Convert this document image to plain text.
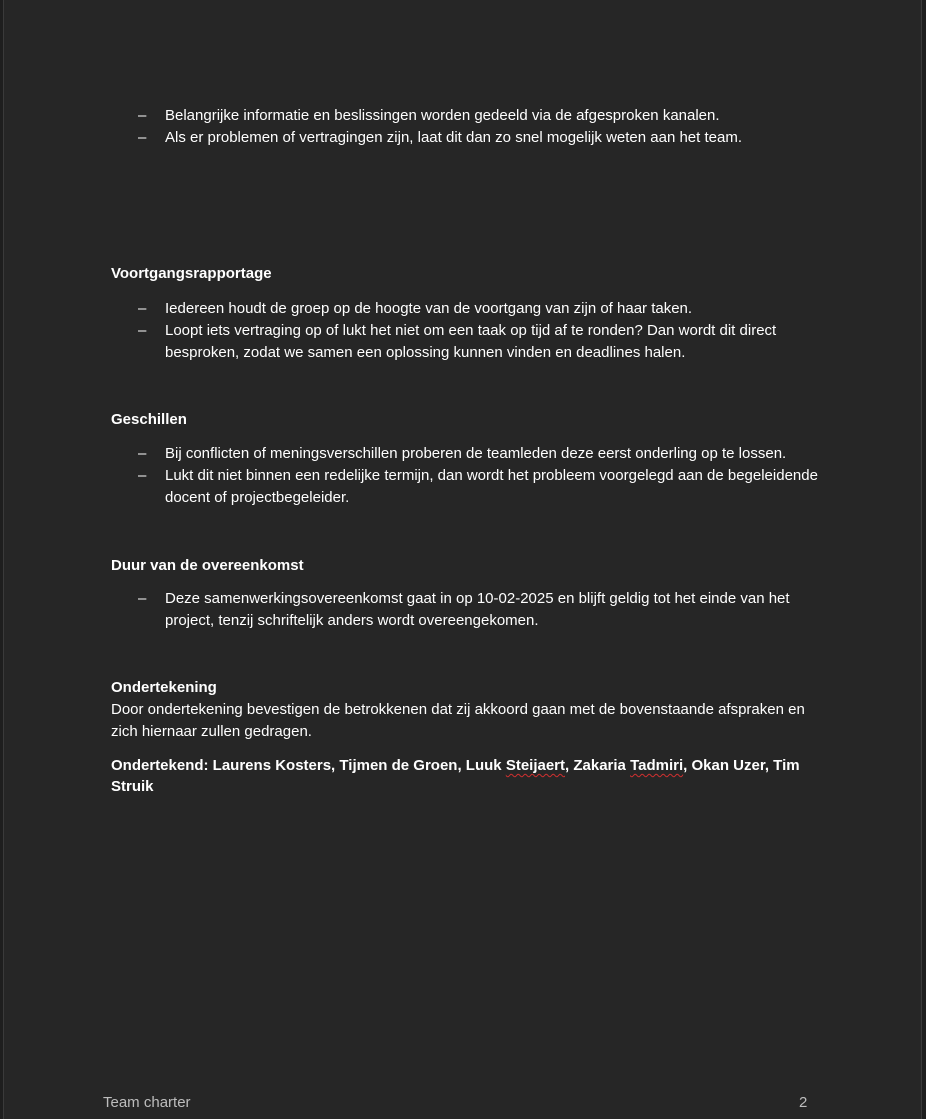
– Belangrijke informatie en beslissingen worden gedeeld via de afgesproken kanalen.
– Als er problemen of vertragingen zijn, laat dit dan zo snel mogelijk weten aan het team.

Voortgangsrapportage

– Iedereen houdt de groep op de hoogte van de voortgang van zijn of haar taken.
– Loopt iets vertraging op of lukt het niet om een taak op tijd af te ronden? Dan wordt dit direct besproken, zodat we samen een oplossing kunnen vinden en deadlines halen.

Geschillen

– Bij conflicten of meningsverschillen proberen de teamleden deze eerst onderling op te lossen.
– Lukt dit niet binnen een redelijke termijn, dan wordt het probleem voorgelegd aan de begeleidende docent of projectbegeleider.

Duur van de overeenkomst

– Deze samenwerkingsovereenkomst gaat in op 10-02-2025 en blijft geldig tot het einde van het project, tenzij schriftelijk anders wordt overeengekomen.

Ondertekening

Door ondertekening bevestigen de betrokkenen dat zij akkoord gaan met de bovenstaande afspraken en zich hiernaar zullen gedragen.

Ondertekend: Laurens Kosters, Tijmen de Groen, Luuk Steijaert, Zakaria Tadmiri, Okan Uzer, Tim Struik

Team charter	2
